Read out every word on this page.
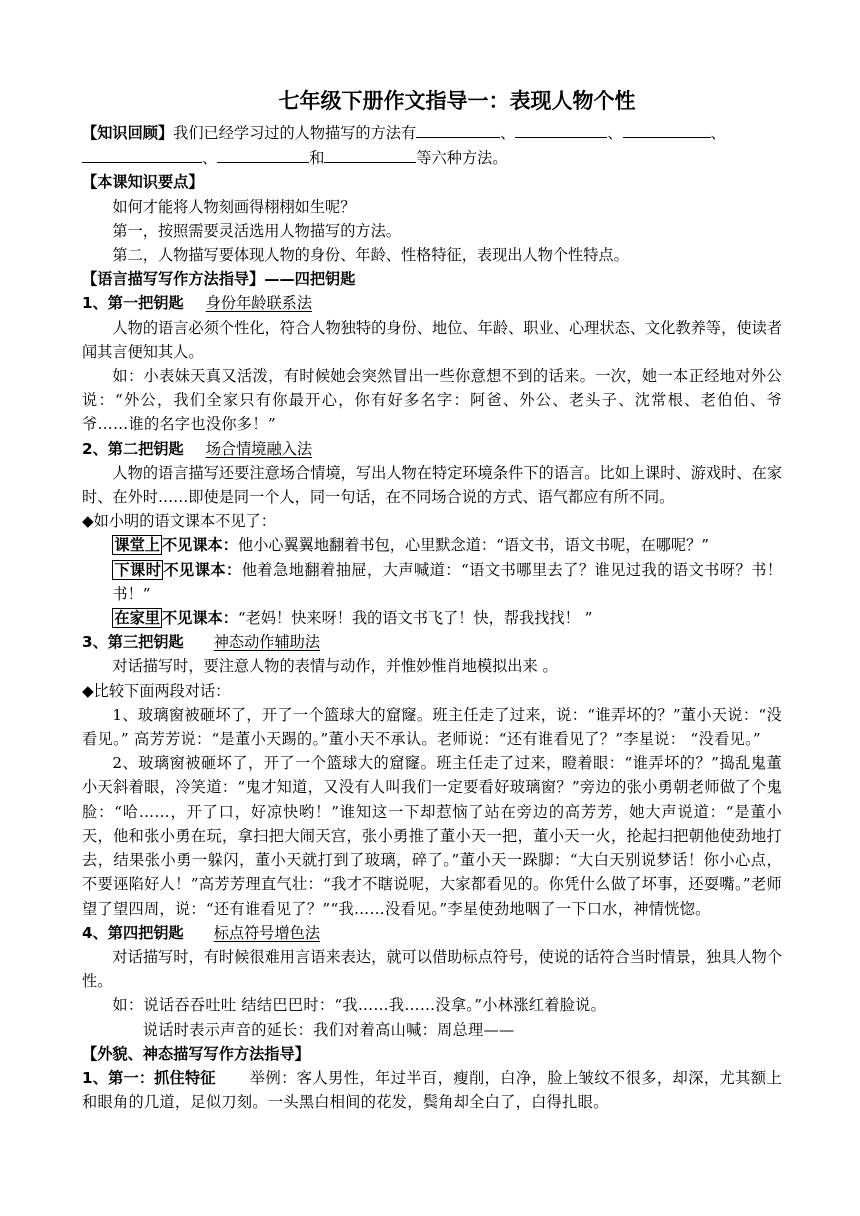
七年级下册作文指导一：表现人物个性

【知识回顾】我们已经学习过的人物描写的方法有	、	、	、
、	和	等六种方法。

【本课知识要点】

如何才能将人物刻画得栩栩如生呢？

第一，按照需要灵活选用人物描写的方法。

第二，人物描写要体现人物的身份、年龄、性格特征，表现出人物个性特点。

【语言描写写作方法指导】——四把钥匙

1、第一把钥匙 身份年龄联系法

人物的语言必须个性化，符合人物独特的身份、地位、年龄、职业、心理状态、文化教养等，使读者闻其言便知其人。

如：小表妹天真又活泼，有时候她会突然冒出一些你意想不到的话来。一次，她一本正经地对外公说：“外公，我们全家只有你最开心，你有好多名字：阿爸、外公、老头子、沈常根、老伯伯、爷爷……谁的名字也没你多！”

2、第二把钥匙 场合情境融入法

人物的语言描写还要注意场合情境，写出人物在特定环境条件下的语言。比如上课时、游戏时、在家时、在外时……即使是同一个人，同一句话，在不同场合说的方式、语气都应有所不同。

◆如小明的语文课本不见了：

课堂上 不见课本：他小心翼翼地翻着书包，心里默念道：“语文书，语文书呢，在哪呢？”

下课时 不见课本：他着急地翻着抽屉，大声喊道：“语文书哪里去了？谁见过我的语文书呀？书！书！”

在家里 不见课本：“老妈！快来呀！我的语文书飞了！快，帮我找找！ ”

3、第三把钥匙 神态动作辅助法

对话描写时，要注意人物的表情与动作，并惟妙惟肖地模拟出来 。

◆比较下面两段对话：

1、玻璃窗被砸坏了，开了一个篮球大的窟窿。班主任走了过来，说：“谁弄坏的？”董小天说：“没看见。” 高芳芳说：“是董小天踢的。”董小天不承认。老师说：“还有谁看见了？”李星说： “没看见。”

2、玻璃窗被砸坏了，开了一个篮球大的窟窿。班主任走了过来，瞪着眼：“谁弄坏的？”捣乱鬼董小天斜着眼，冷笑道：“鬼才知道，又没有人叫我们一定要看好玻璃窗？”旁边的张小勇朝老师做了个鬼脸：“哈……，开了口，好凉快哟！”谁知这一下却惹恼了站在旁边的高芳芳，她大声说道：“是董小天，他和张小勇在玩，拿扫把大闹天宫，张小勇推了董小天一把，董小天一火，抡起扫把朝他使劲地打去，结果张小勇一躲闪，董小天就打到了玻璃，碎了。”董小天一跺脚：“大白天别说梦话！你小心点，不要诬陷好人！”高芳芳理直气壮：“我才不瞎说呢，大家都看见的。你凭什么做了坏事，还耍嘴。”老师望了望四周，说：“还有谁看见了？”“我……没看见。”李星使劲地咽了一下口水，神情恍惚。

4、第四把钥匙 标点符号增色法

对话描写时，有时候很难用言语来表达，就可以借助标点符号，使说的话符合当时情景，独具人物个性。

如：说话吞吞吐吐 结结巴巴时：“我……我……没拿。”小林涨红着脸说。

说话时表示声音的延长：我们对着高山喊：周总理——

【外貌、神态描写写作方法指导】

1、第一：抓住特征 举例：客人男性，年过半百，瘦削，白净，脸上皱纹不很多，却深，尤其额上和眼角的几道，足似刀刻。一头黑白相间的花发，鬓角却全白了，白得扎眼。
